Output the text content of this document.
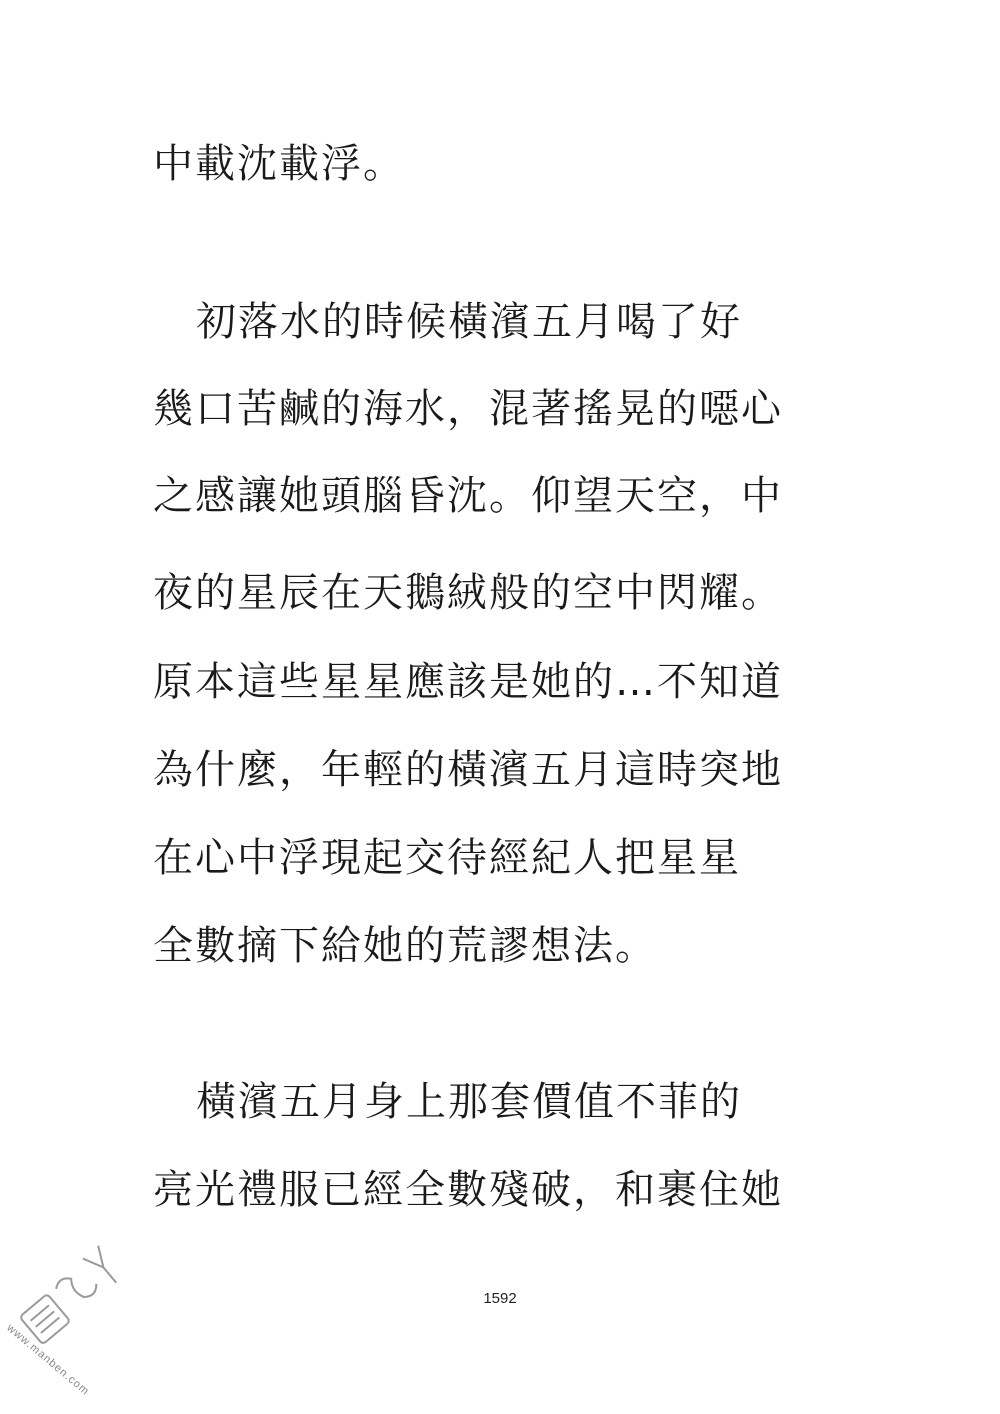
中載沈載浮。
初落水的時候橫濱五月喝了好
幾口苦鹹的海水，混著搖晃的噁心
之感讓她頭腦昏沈。仰望天空，中
夜的星辰在天鵝絨般的空中閃耀。
原本這些星星應該是她的…不知道
為什麼，年輕的橫濱五月這時突地
在心中浮現起交待經紀人把星星
全數摘下給她的荒謬想法。
橫濱五月身上那套價值不菲的
亮光禮服已經全數殘破，和裹住她
1592
www.manben.com
